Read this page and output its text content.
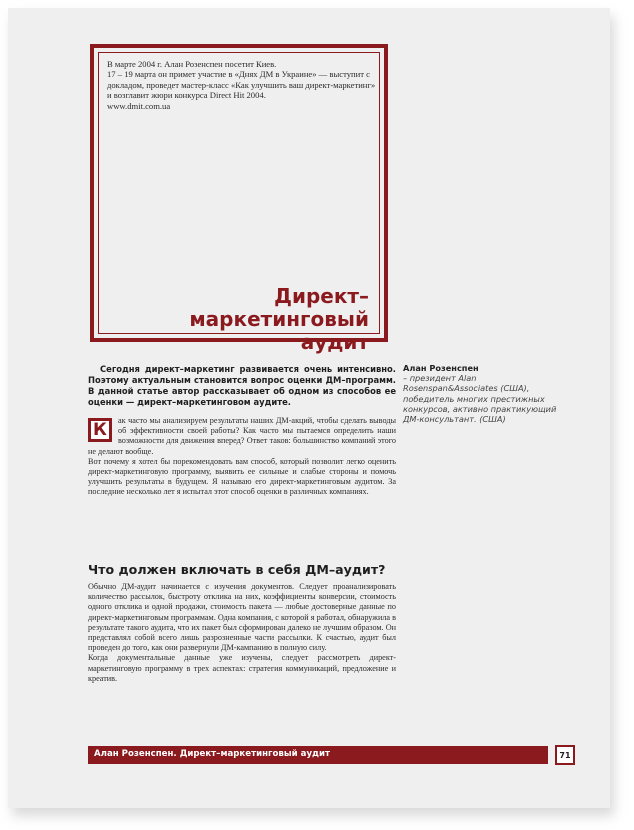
В марте 2004 г. Алан Розенспен посетит Киев.
17 – 19 марта он примет участие в «Днях ДМ в Украине» — выступит с докладом, проведет мастер-класс «Как улучшить ваш директ-маркетинг» и возглавит жюри конкурса Direct Hit 2004.
www.dmit.com.ua
Директ–маркетинговый
аудит
Сегодня директ–маркетинг развивается очень интенсивно. Поэтому актуальным становится вопрос оценки ДМ–программ. В данной статье автор рассказывает об одном из способов ее оценки — директ–маркетинговом аудите.
Алан Розенспен
– президент Alan Rosenspan&Associates (США), победитель многих престижных конкурсов, активно практикующий ДМ-консультант. (США)
К	ак часто мы анализируем результаты наших ДМ-акций, чтобы сделать выводы об эффективности своей работы? Как часто мы пытаемся определить наши возможности для движения вперед? Ответ таков: большинство компаний этого не делают вообще.
Вот почему я хотел бы порекомендовать вам способ, который позволит легко оценить директ-маркетинговую программу, выявить ее сильные и слабые стороны и помочь улучшить результаты в будущем. Я называю его директ-маркетинговым аудитом. За последние несколько лет я испытал этот способ оценки в различных компаниях.
Что должен включать в себя ДМ–аудит?
Обычно ДМ-аудит начинается с изучения документов. Следует проанализировать количество рассылок, быстроту отклика на них, коэффициенты конверсии, стоимость одного отклика и одной продажи, стоимость пакета — любые достоверные данные по директ-маркетинговым программам. Одна компания, с которой я работал, обнаружила в результате такого аудита, что их пакет был сформирован далеко не лучшим образом. Он представлял собой всего лишь разрозненные части рассылки. К счастью, аудит был проведен до того, как они развернули ДМ-кампанию в полную силу.
Когда документальные данные уже изучены, следует рассмотреть директ-маркетинговую программу в трех аспектах: стратегия коммуникаций, предложение и креатив.
Алан Розенспен. Директ–маркетинговый аудит	71
